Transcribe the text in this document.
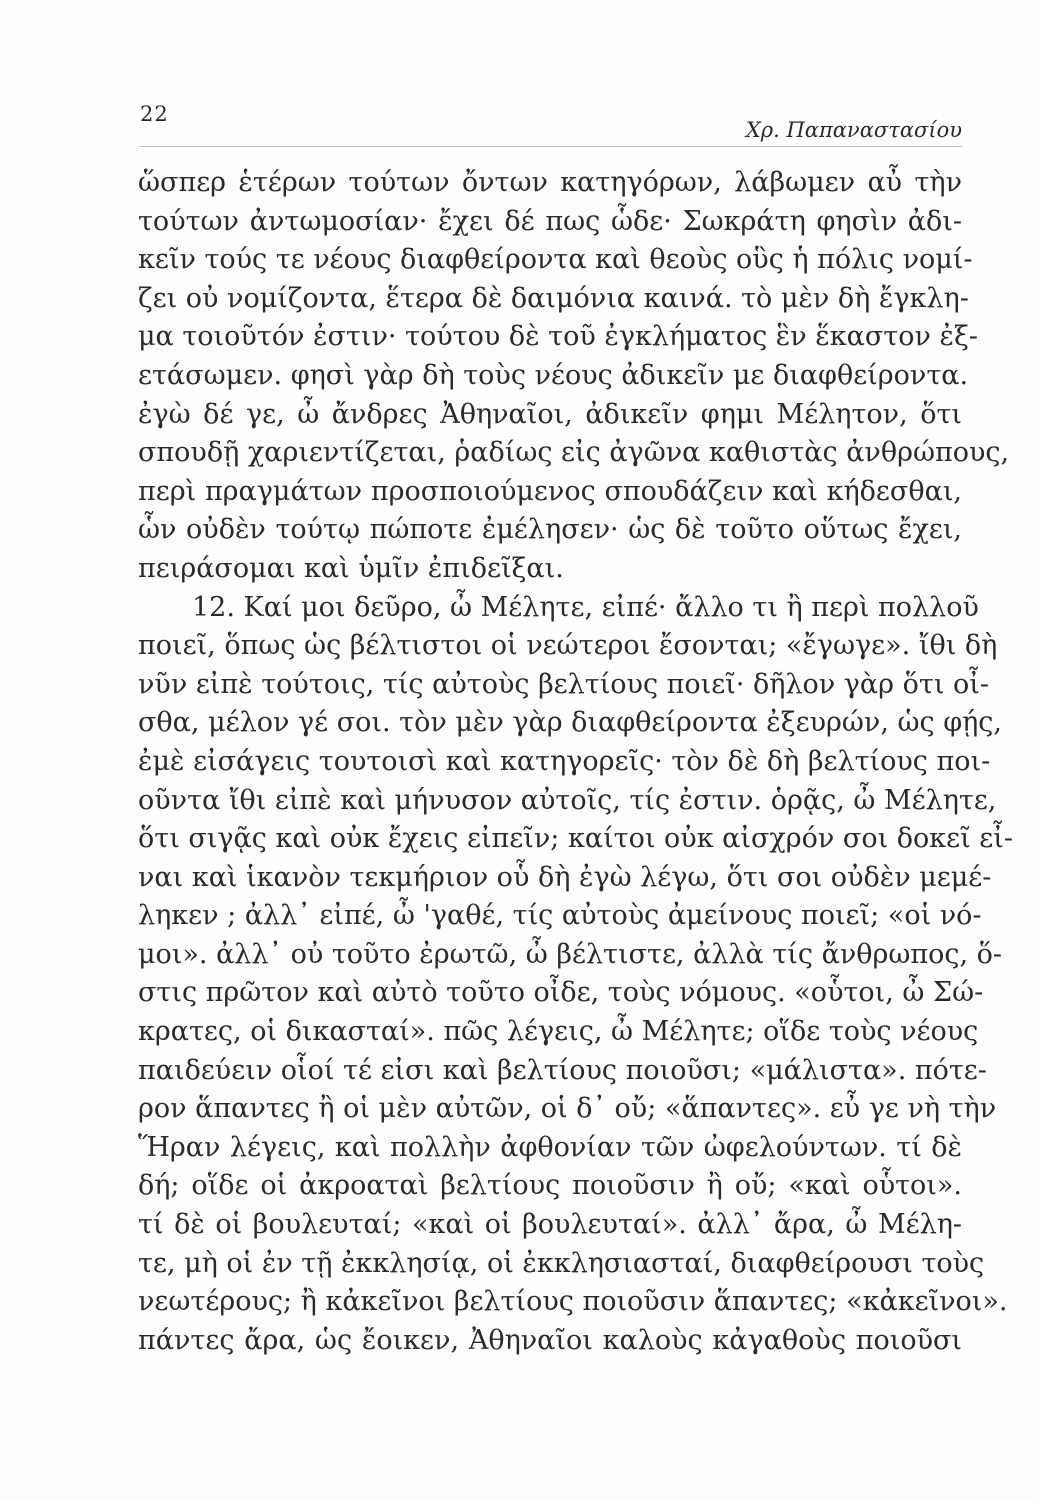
22
Χρ. Παπαναστασίου
ὥσπερ ἑτέρων τούτων ὄντων κατηγόρων, λάβωμεν αὖ τὴν
τούτων ἀντωμοσίαν· ἔχει δέ πως ὧδε· Σωκράτη φησὶν ἀδι-
κεῖν τούς τε νέους διαφθείροντα καὶ θεοὺς οὓς ἡ πόλις νομί-
ζει οὐ νομίζοντα, ἕτερα δὲ δαιμόνια καινά. τὸ μὲν δὴ ἔγκλη-
μα τοιοῦτόν ἐστιν· τούτου δὲ τοῦ ἐγκλήματος ἓν ἕκαστον ἐξ-
ετάσωμεν. φησὶ γὰρ δὴ τοὺς νέους ἀδικεῖν με διαφθείροντα.
ἐγὼ δέ γε, ὦ ἄνδρες Ἀθηναῖοι, ἀδικεῖν φημι Μέλητον, ὅτι
σπουδῇ χαριεντίζεται, ῥαδίως εἰς ἀγῶνα καθιστὰς ἀνθρώπους,
περὶ πραγμάτων προσποιούμενος σπουδάζειν καὶ κήδεσθαι,
ὧν οὐδὲν τούτῳ πώποτε ἐμέλησεν· ὡς δὲ τοῦτο οὕτως ἔχει,
πειράσομαι καὶ ὑμῖν ἐπιδεῖξαι.
12. Καί μοι δεῦρο, ὦ Μέλητε, εἰπέ· ἄλλο τι ἢ περὶ πολλοῦ
ποιεῖ, ὅπως ὡς βέλτιστοι οἱ νεώτεροι ἔσονται; «ἔγωγε». ἴθι δὴ
νῦν εἰπὲ τούτοις, τίς αὐτοὺς βελτίους ποιεῖ· δῆλον γὰρ ὅτι οἶ-
σθα, μέλον γέ σοι. τὸν μὲν γὰρ διαφθείροντα ἐξευρών, ὡς φῄς,
ἐμὲ εἰσάγεις τουτοισὶ καὶ κατηγορεῖς· τὸν δὲ δὴ βελτίους ποι-
οῦντα ἴθι εἰπὲ καὶ μήνυσον αὐτοῖς, τίς ἐστιν. ὁρᾷς, ὦ Μέλητε,
ὅτι σιγᾷς καὶ οὐκ ἔχεις εἰπεῖν; καίτοι οὐκ αἰσχρόν σοι δοκεῖ εἶ-
ναι καὶ ἱκανὸν τεκμήριον οὗ δὴ ἐγὼ λέγω, ὅτι σοι οὐδὲν μεμέ-
ληκεν ; ἀλλ᾽ εἰπέ, ὦ 'γαθέ, τίς αὐτοὺς ἀμείνους ποιεῖ; «οἱ νό-
μοι». ἀλλ᾽ οὐ τοῦτο ἐρωτῶ, ὦ βέλτιστε, ἀλλὰ τίς ἄνθρωπος, ὅ-
στις πρῶτον καὶ αὐτὸ τοῦτο οἶδε, τοὺς νόμους. «οὗτοι, ὦ Σώ-
κρατες, οἱ δικασταί». πῶς λέγεις, ὦ Μέλητε; οἵδε τοὺς νέους
παιδεύειν οἷοί τέ εἰσι καὶ βελτίους ποιοῦσι; «μάλιστα». πότε-
ρον ἅπαντες ἢ οἱ μὲν αὐτῶν, οἱ δ᾽ οὔ; «ἅπαντες». εὖ γε νὴ τὴν
Ἥραν λέγεις, καὶ πολλὴν ἀφθονίαν τῶν ὠφελούντων. τί δὲ
δή; οἵδε οἱ ἀκροαταὶ βελτίους ποιοῦσιν ἢ οὔ; «καὶ οὗτοι».
τί δὲ οἱ βουλευταί; «καὶ οἱ βουλευταί». ἀλλ᾽ ἄρα, ὦ Μέλη-
τε, μὴ οἱ ἐν τῇ ἐκκλησίᾳ, οἱ ἐκκλησιασταί, διαφθείρουσι τοὺς
νεωτέρους; ἢ κἀκεῖνοι βελτίους ποιοῦσιν ἅπαντες; «κἀκεῖνοι».
πάντες ἄρα, ὡς ἔοικεν, Ἀθηναῖοι καλοὺς κἀγαθοὺς ποιοῦσι
